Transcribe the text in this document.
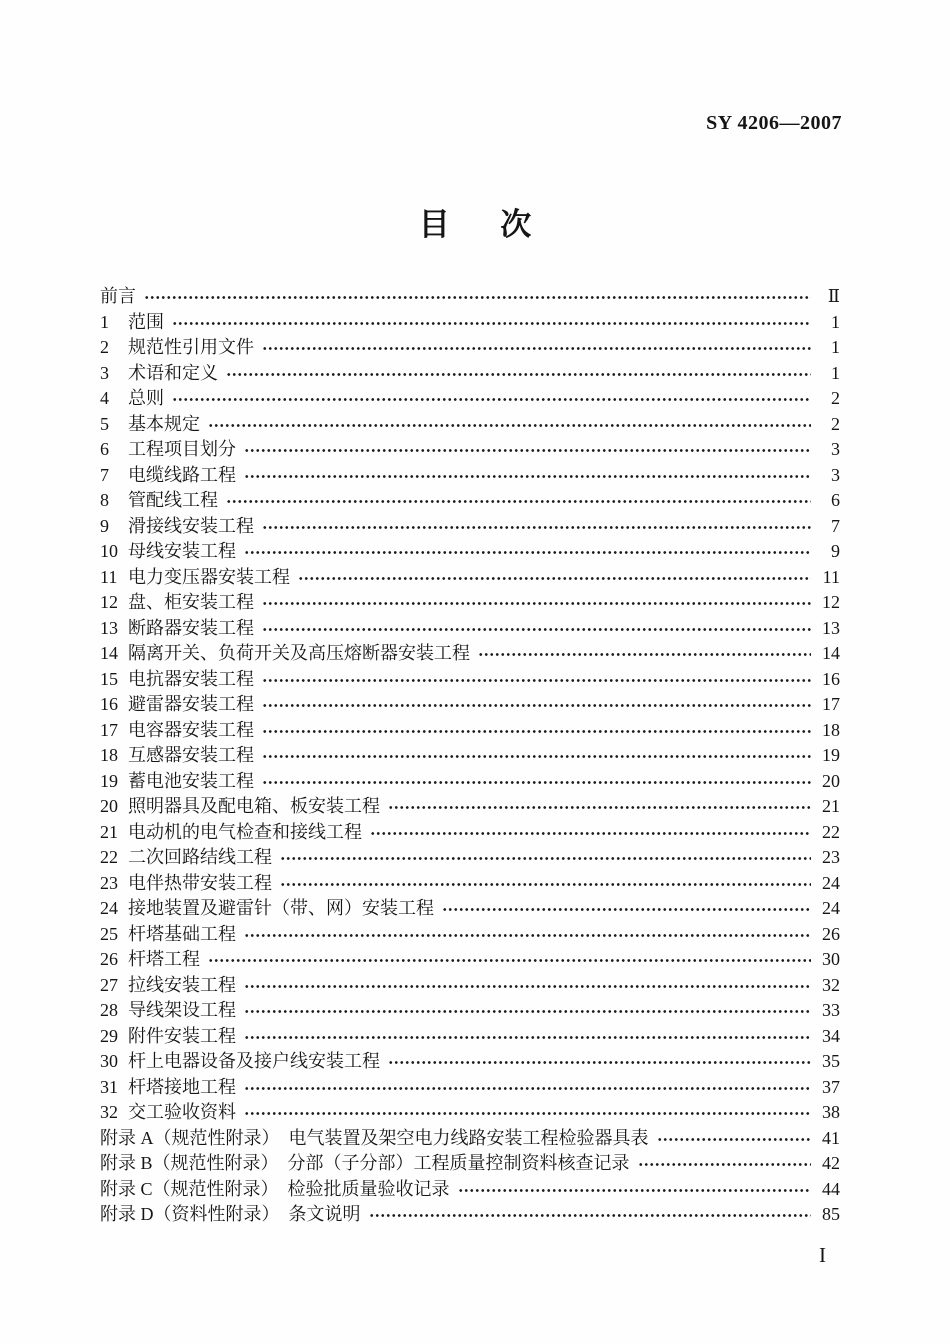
SY 4206—2007
目 次
前言	Ⅱ
1	范围	1
2	规范性引用文件	1
3	术语和定义	1
4	总则	2
5	基本规定	2
6	工程项目划分	3
7	电缆线路工程	3
8	管配线工程	6
9	滑接线安装工程	7
10 母线安装工程	9
11 电力变压器安装工程	11
12 盘、柜安装工程	12
13 断路器安装工程	13
14 隔离开关、负荷开关及高压熔断器安装工程	14
15 电抗器安装工程	16
16 避雷器安装工程	17
17 电容器安装工程	18
18 互感器安装工程	19
19 蓄电池安装工程	20
20 照明器具及配电箱、板安装工程	21
21 电动机的电气检查和接线工程	22
22 二次回路结线工程	23
23 电伴热带安装工程	24
24 接地装置及避雷针（带、网）安装工程	24
25 杆塔基础工程	26
26 杆塔工程	30
27 拉线安装工程	32
28 导线架设工程	33
29 附件安装工程	34
30 杆上电器设备及接户线安装工程	35
31 杆塔接地工程	37
32 交工验收资料	38
附录 A（规范性附录）　电气装置及架空电力线路安装工程检验器具表	41
附录 B（规范性附录）　分部（子分部）工程质量控制资料核查记录	42
附录 C（规范性附录）　检验批质量验收记录	44
附录 D（资料性附录）　条文说明	85
I
